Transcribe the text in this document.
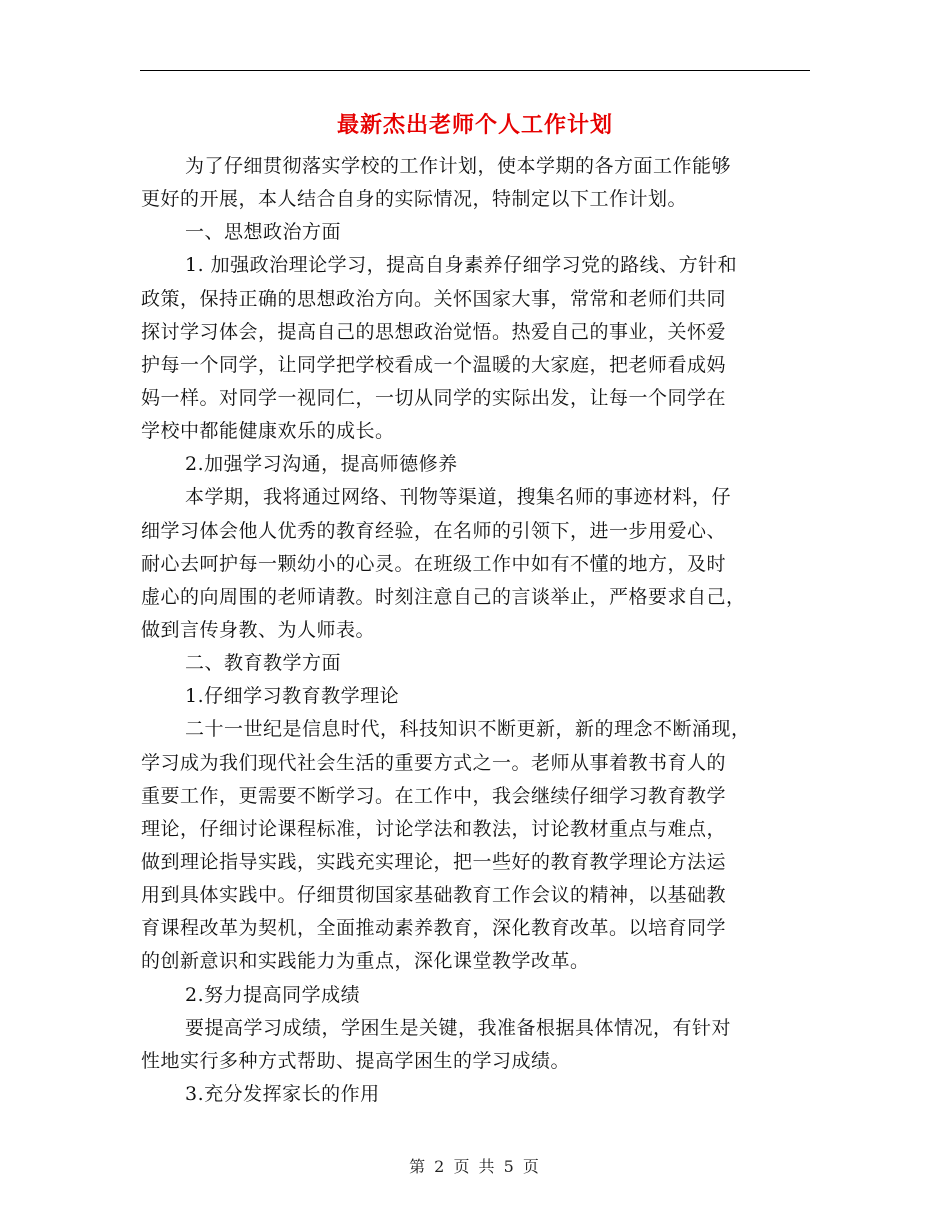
最新杰出老师个人工作计划
为了仔细贯彻落实学校的工作计划，使本学期的各方面工作能够
更好的开展，本人结合自身的实际情况，特制定以下工作计划。
一、思想政治方面
1. 加强政治理论学习，提高自身素养仔细学习党的路线、方针和
政策，保持正确的思想政治方向。关怀国家大事，常常和老师们共同
探讨学习体会，提高自己的思想政治觉悟。热爱自己的事业，关怀爱
护每一个同学，让同学把学校看成一个温暖的大家庭，把老师看成妈
妈一样。对同学一视同仁，一切从同学的实际出发，让每一个同学在
学校中都能健康欢乐的成长。
2.加强学习沟通，提高师德修养
本学期，我将通过网络、刊物等渠道，搜集名师的事迹材料，仔
细学习体会他人优秀的教育经验，在名师的引领下，进一步用爱心、
耐心去呵护每一颗幼小的心灵。在班级工作中如有不懂的地方，及时
虚心的向周围的老师请教。时刻注意自己的言谈举止，严格要求自己，
做到言传身教、为人师表。
二、教育教学方面
1.仔细学习教育教学理论
二十一世纪是信息时代，科技知识不断更新，新的理念不断涌现，
学习成为我们现代社会生活的重要方式之一。老师从事着教书育人的
重要工作，更需要不断学习。在工作中，我会继续仔细学习教育教学
理论，仔细讨论课程标准，讨论学法和教法，讨论教材重点与难点，
做到理论指导实践，实践充实理论，把一些好的教育教学理论方法运
用到具体实践中。仔细贯彻国家基础教育工作会议的精神，以基础教
育课程改革为契机，全面推动素养教育，深化教育改革。以培育同学
的创新意识和实践能力为重点，深化课堂教学改革。
2.努力提高同学成绩
要提高学习成绩，学困生是关键，我准备根据具体情况，有针对
性地实行多种方式帮助、提高学困生的学习成绩。
3.充分发挥家长的作用
第 2 页 共 5 页
